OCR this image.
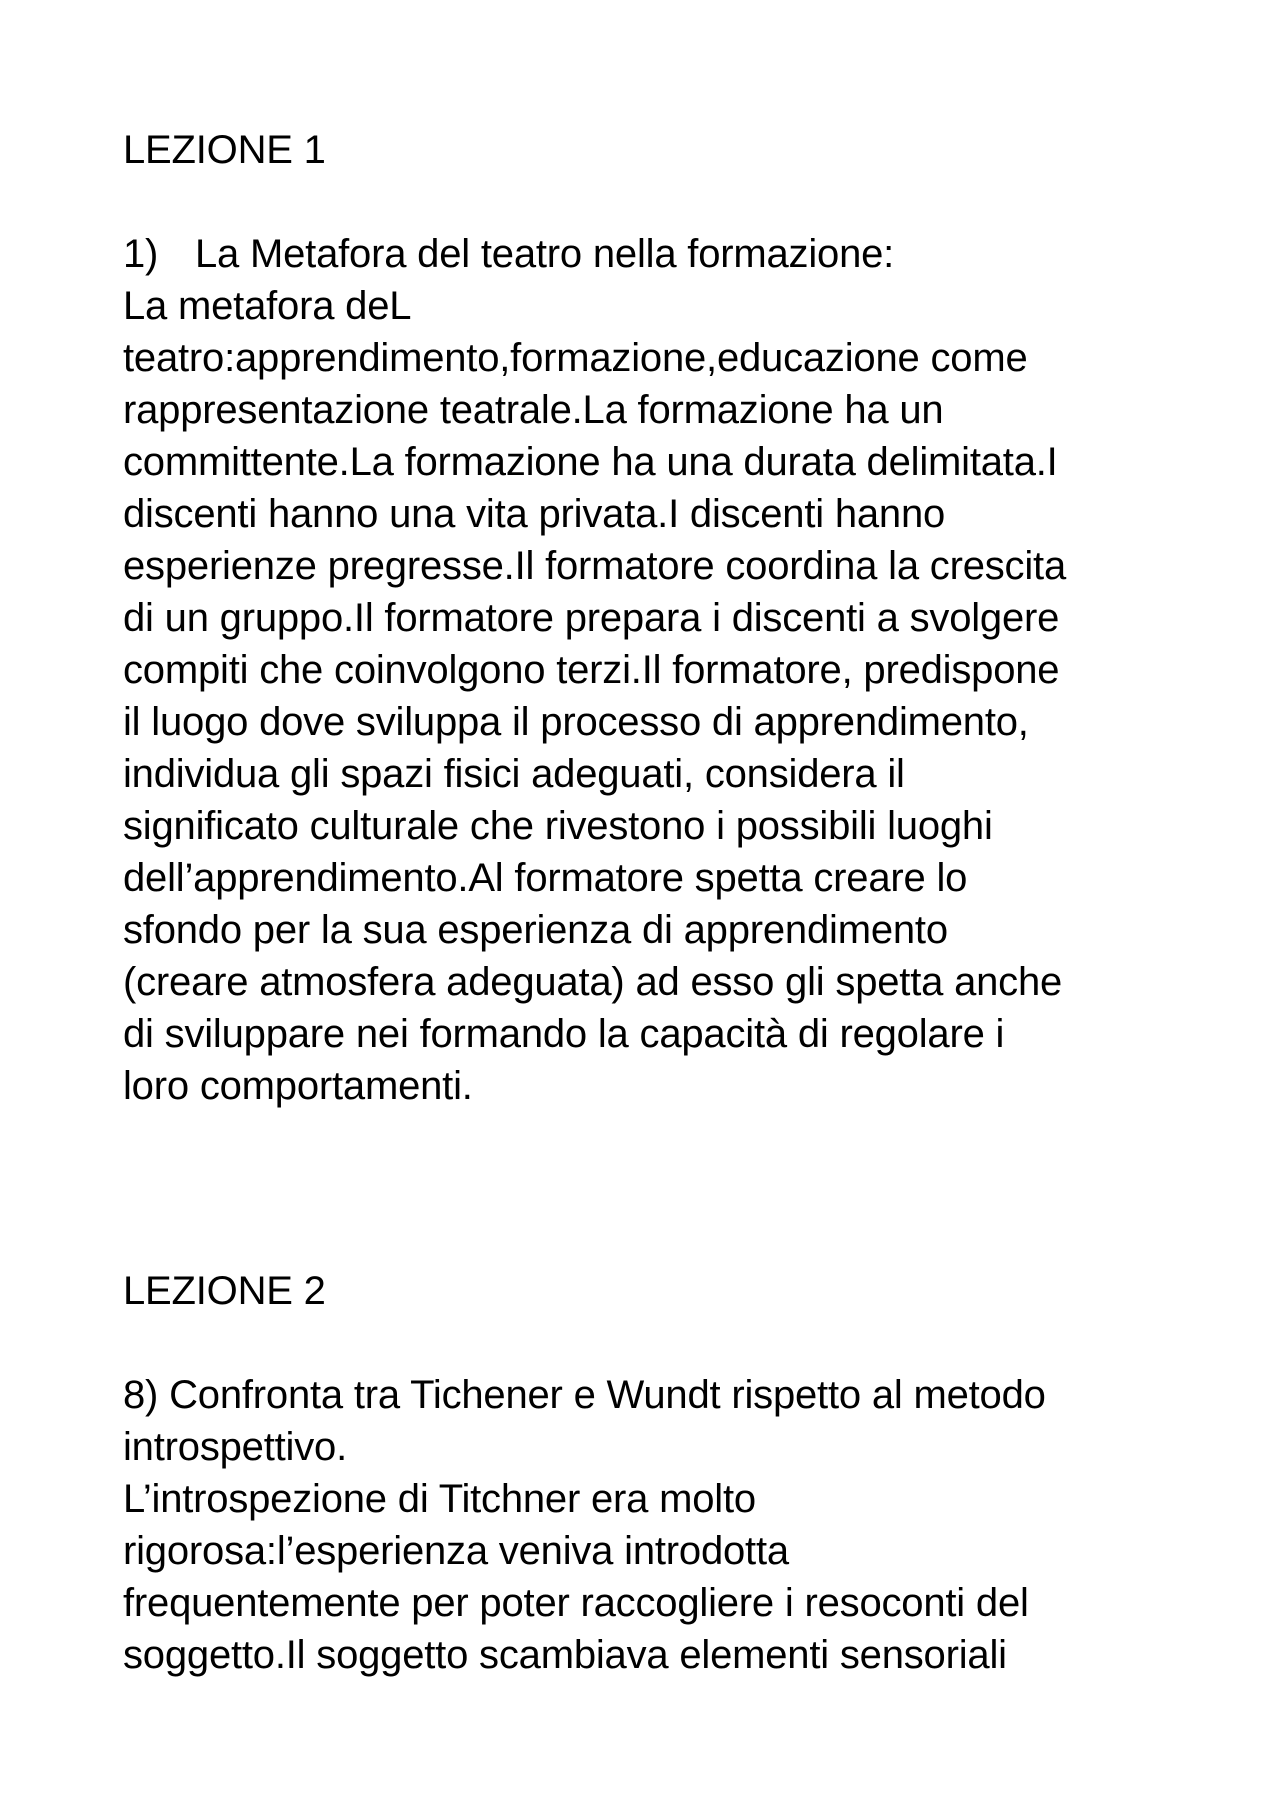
LEZIONE 1
1) La Metafora del teatro nella formazione:
La metafora deL
teatro:apprendimento,formazione,educazione come
rappresentazione teatrale.La formazione ha un
committente.La formazione ha una durata delimitata.I
discenti hanno una vita privata.I discenti hanno
esperienze pregresse.Il formatore coordina la crescita
di un gruppo.Il formatore prepara i discenti a svolgere
compiti che coinvolgono terzi.Il formatore, predispone
il luogo dove sviluppa il processo di apprendimento,
individua gli spazi fisici adeguati, considera il
significato culturale che rivestono i possibili luoghi
dell’apprendimento.Al formatore spetta creare lo
sfondo per la sua esperienza di apprendimento
(creare atmosfera adeguata) ad esso gli spetta anche
di sviluppare nei formando la capacità di regolare i
loro comportamenti.
LEZIONE 2
8) Confronta tra Tichener e Wundt rispetto al metodo
introspettivo.
L’introspezione di Titchner era molto
rigorosa:l’esperienza veniva introdotta
frequentemente per poter raccogliere i resoconti del
soggetto.Il soggetto scambiava elementi sensoriali
